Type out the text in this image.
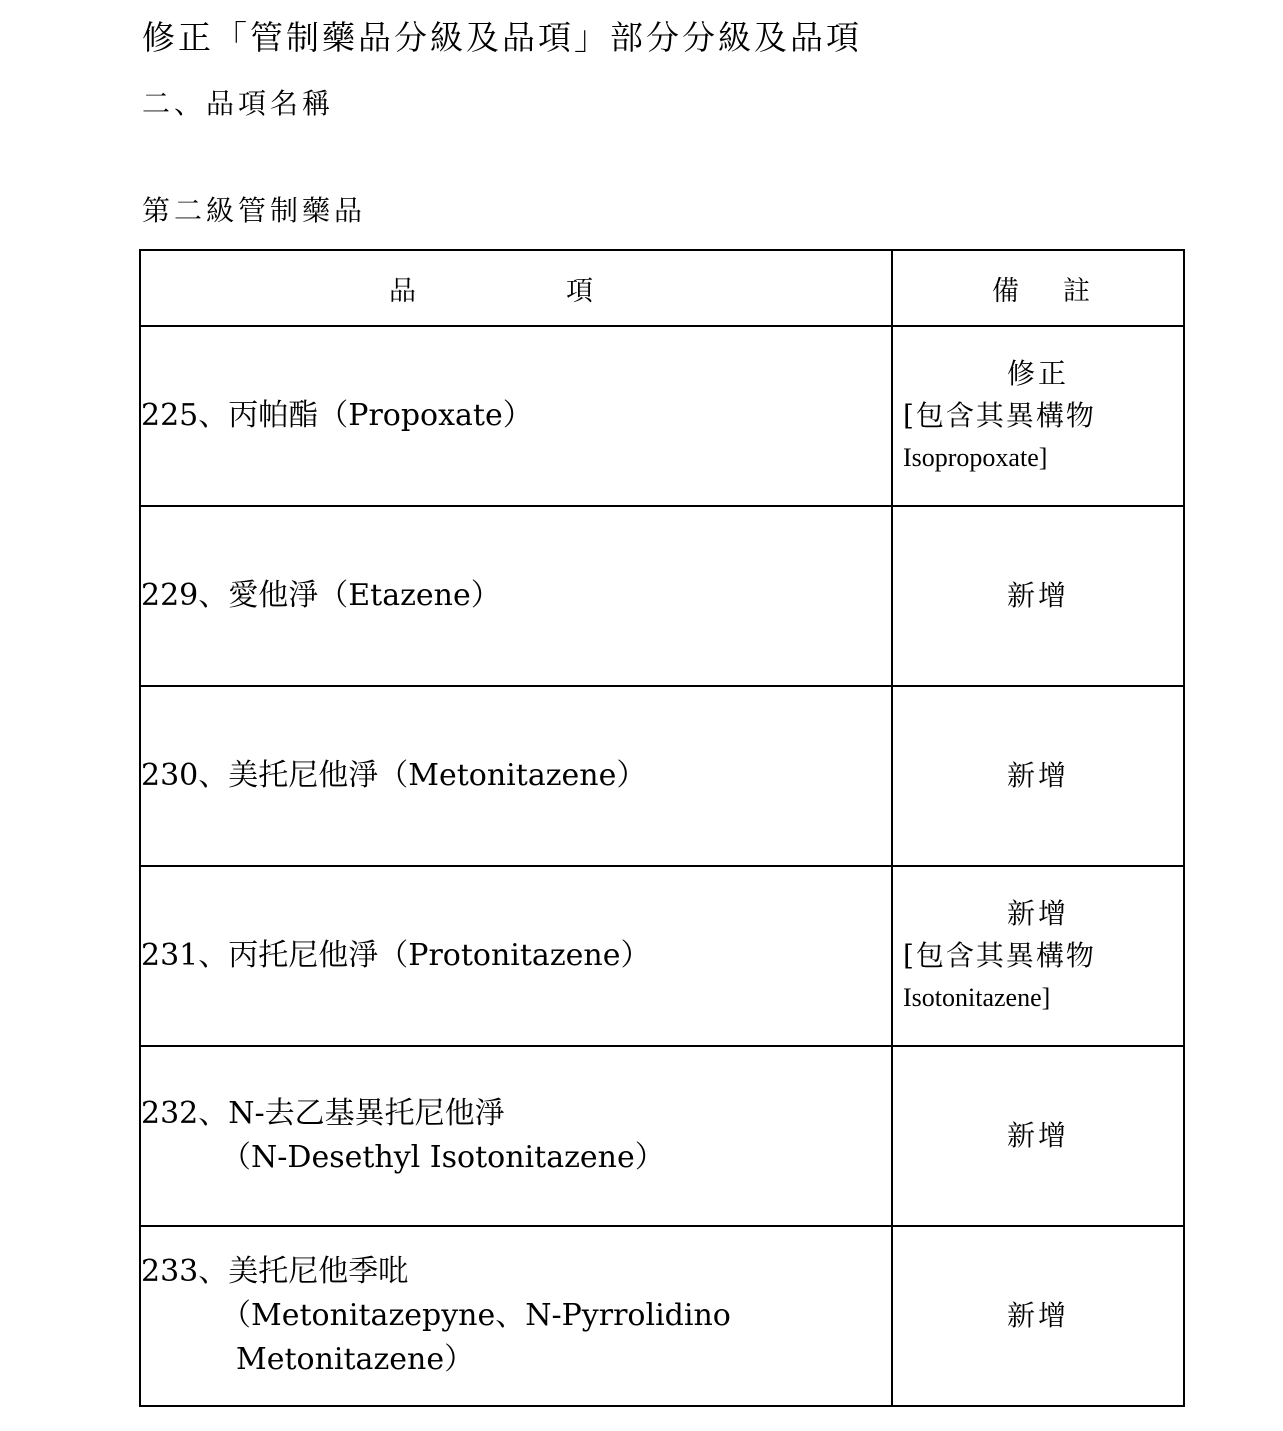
修正「管制藥品分級及品項」部分分級及品項
二、品項名稱
第二級管制藥品
品 項	備 註

225、丙帕酯（Propoxate）	修正
[包含其異構物
Isopropoxate]

229、愛他淨（Etazene）	新增

230、美托尼他淨（Metonitazene）	新增

231、丙托尼他淨（Protonitazene）	新增
[包含其異構物
Isotonitazene]

232、N-去乙基異托尼他淨
（N-Desethyl Isotonitazene）	新增

233、美托尼他季吡
（Metonitazepyne、N-Pyrrolidino
Metonitazene）	新增
